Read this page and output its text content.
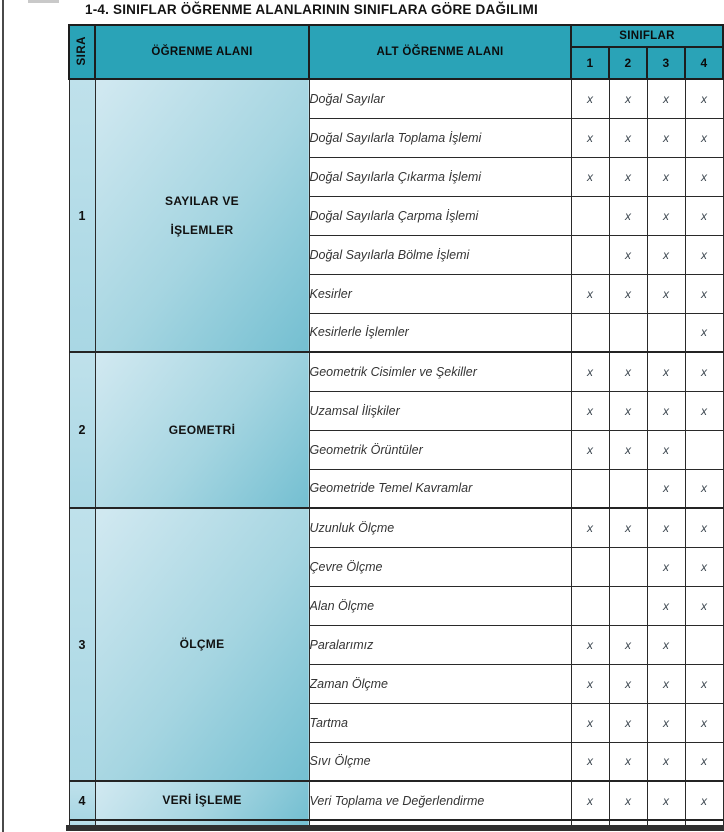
1-4. SINIFLAR ÖĞRENME ALANLARININ SINIFLARA GÖRE DAĞILIMI
SIRA	ÖĞRENME ALANI	ALT ÖĞRENME ALANI	SINIFLAR			
			1	2	3	4
1	SAYILAR VE İŞLEMLER	Doğal Sayılar	x	x	x	x
		Doğal Sayılarla Toplama İşlemi	x	x	x	x
		Doğal Sayılarla Çıkarma İşlemi	x	x	x	x
		Doğal Sayılarla Çarpma İşlemi		x	x	x
		Doğal Sayılarla Bölme İşlemi		x	x	x
		Kesirler	x	x	x	x
		Kesirlerle İşlemler				x
2	GEOMETRİ	Geometrik Cisimler ve Şekiller	x	x	x	x
		Uzamsal İlişkiler	x	x	x	x
		Geometrik Örüntüler	x	x	x	
		Geometride Temel Kavramlar			x	x
3	ÖLÇME	Uzunluk Ölçme	x	x	x	x
		Çevre Ölçme			x	x
		Alan Ölçme			x	x
		Paralarımız	x	x	x	
		Zaman Ölçme	x	x	x	x
		Tartma	x	x	x	x
		Sıvı Ölçme	x	x	x	x
4	VERİ İŞLEME	Veri Toplama ve Değerlendirme	x	x	x	x
